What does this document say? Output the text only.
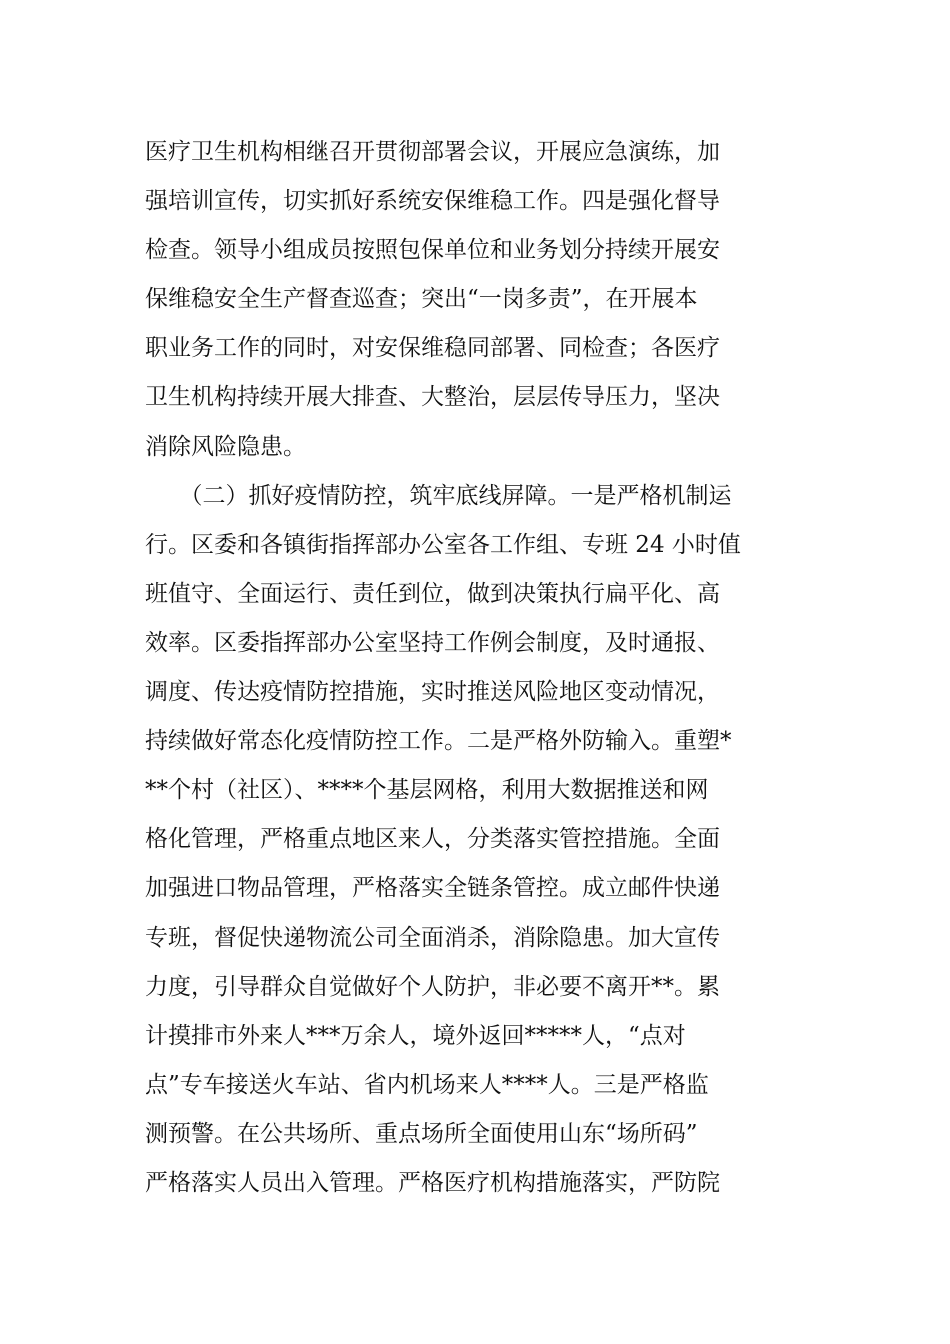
医疗卫生机构相继召开贯彻部署会议，开展应急演练，加
强培训宣传，切实抓好系统安保维稳工作。四是强化督导
检查。领导小组成员按照包保单位和业务划分持续开展安
保维稳安全生产督查巡查；突出“一岗多责”，在开展本
职业务工作的同时，对安保维稳同部署、同检查；各医疗
卫生机构持续开展大排查、大整治，层层传导压力，坚决
消除风险隐患。
　　（二）抓好疫情防控，筑牢底线屏障。一是严格机制运
行。区委和各镇街指挥部办公室各工作组、专班 24 小时值
班值守、全面运行、责任到位，做到决策执行扁平化、高
效率。区委指挥部办公室坚持工作例会制度，及时通报、
调度、传达疫情防控措施，实时推送风险地区变动情况，
持续做好常态化疫情防控工作。二是严格外防输入。重塑*
**个村（社区）、****个基层网格，利用大数据推送和网
格化管理，严格重点地区来人，分类落实管控措施。全面
加强进口物品管理，严格落实全链条管控。成立邮件快递
专班，督促快递物流公司全面消杀，消除隐患。加大宣传
力度，引导群众自觉做好个人防护，非必要不离开**。累
计摸排市外来人***万余人，境外返回*****人，“点对
点”专车接送火车站、省内机场来人****人。三是严格监
测预警。在公共场所、重点场所全面使用山东“场所码”
严格落实人员出入管理。严格医疗机构措施落实，严防院
